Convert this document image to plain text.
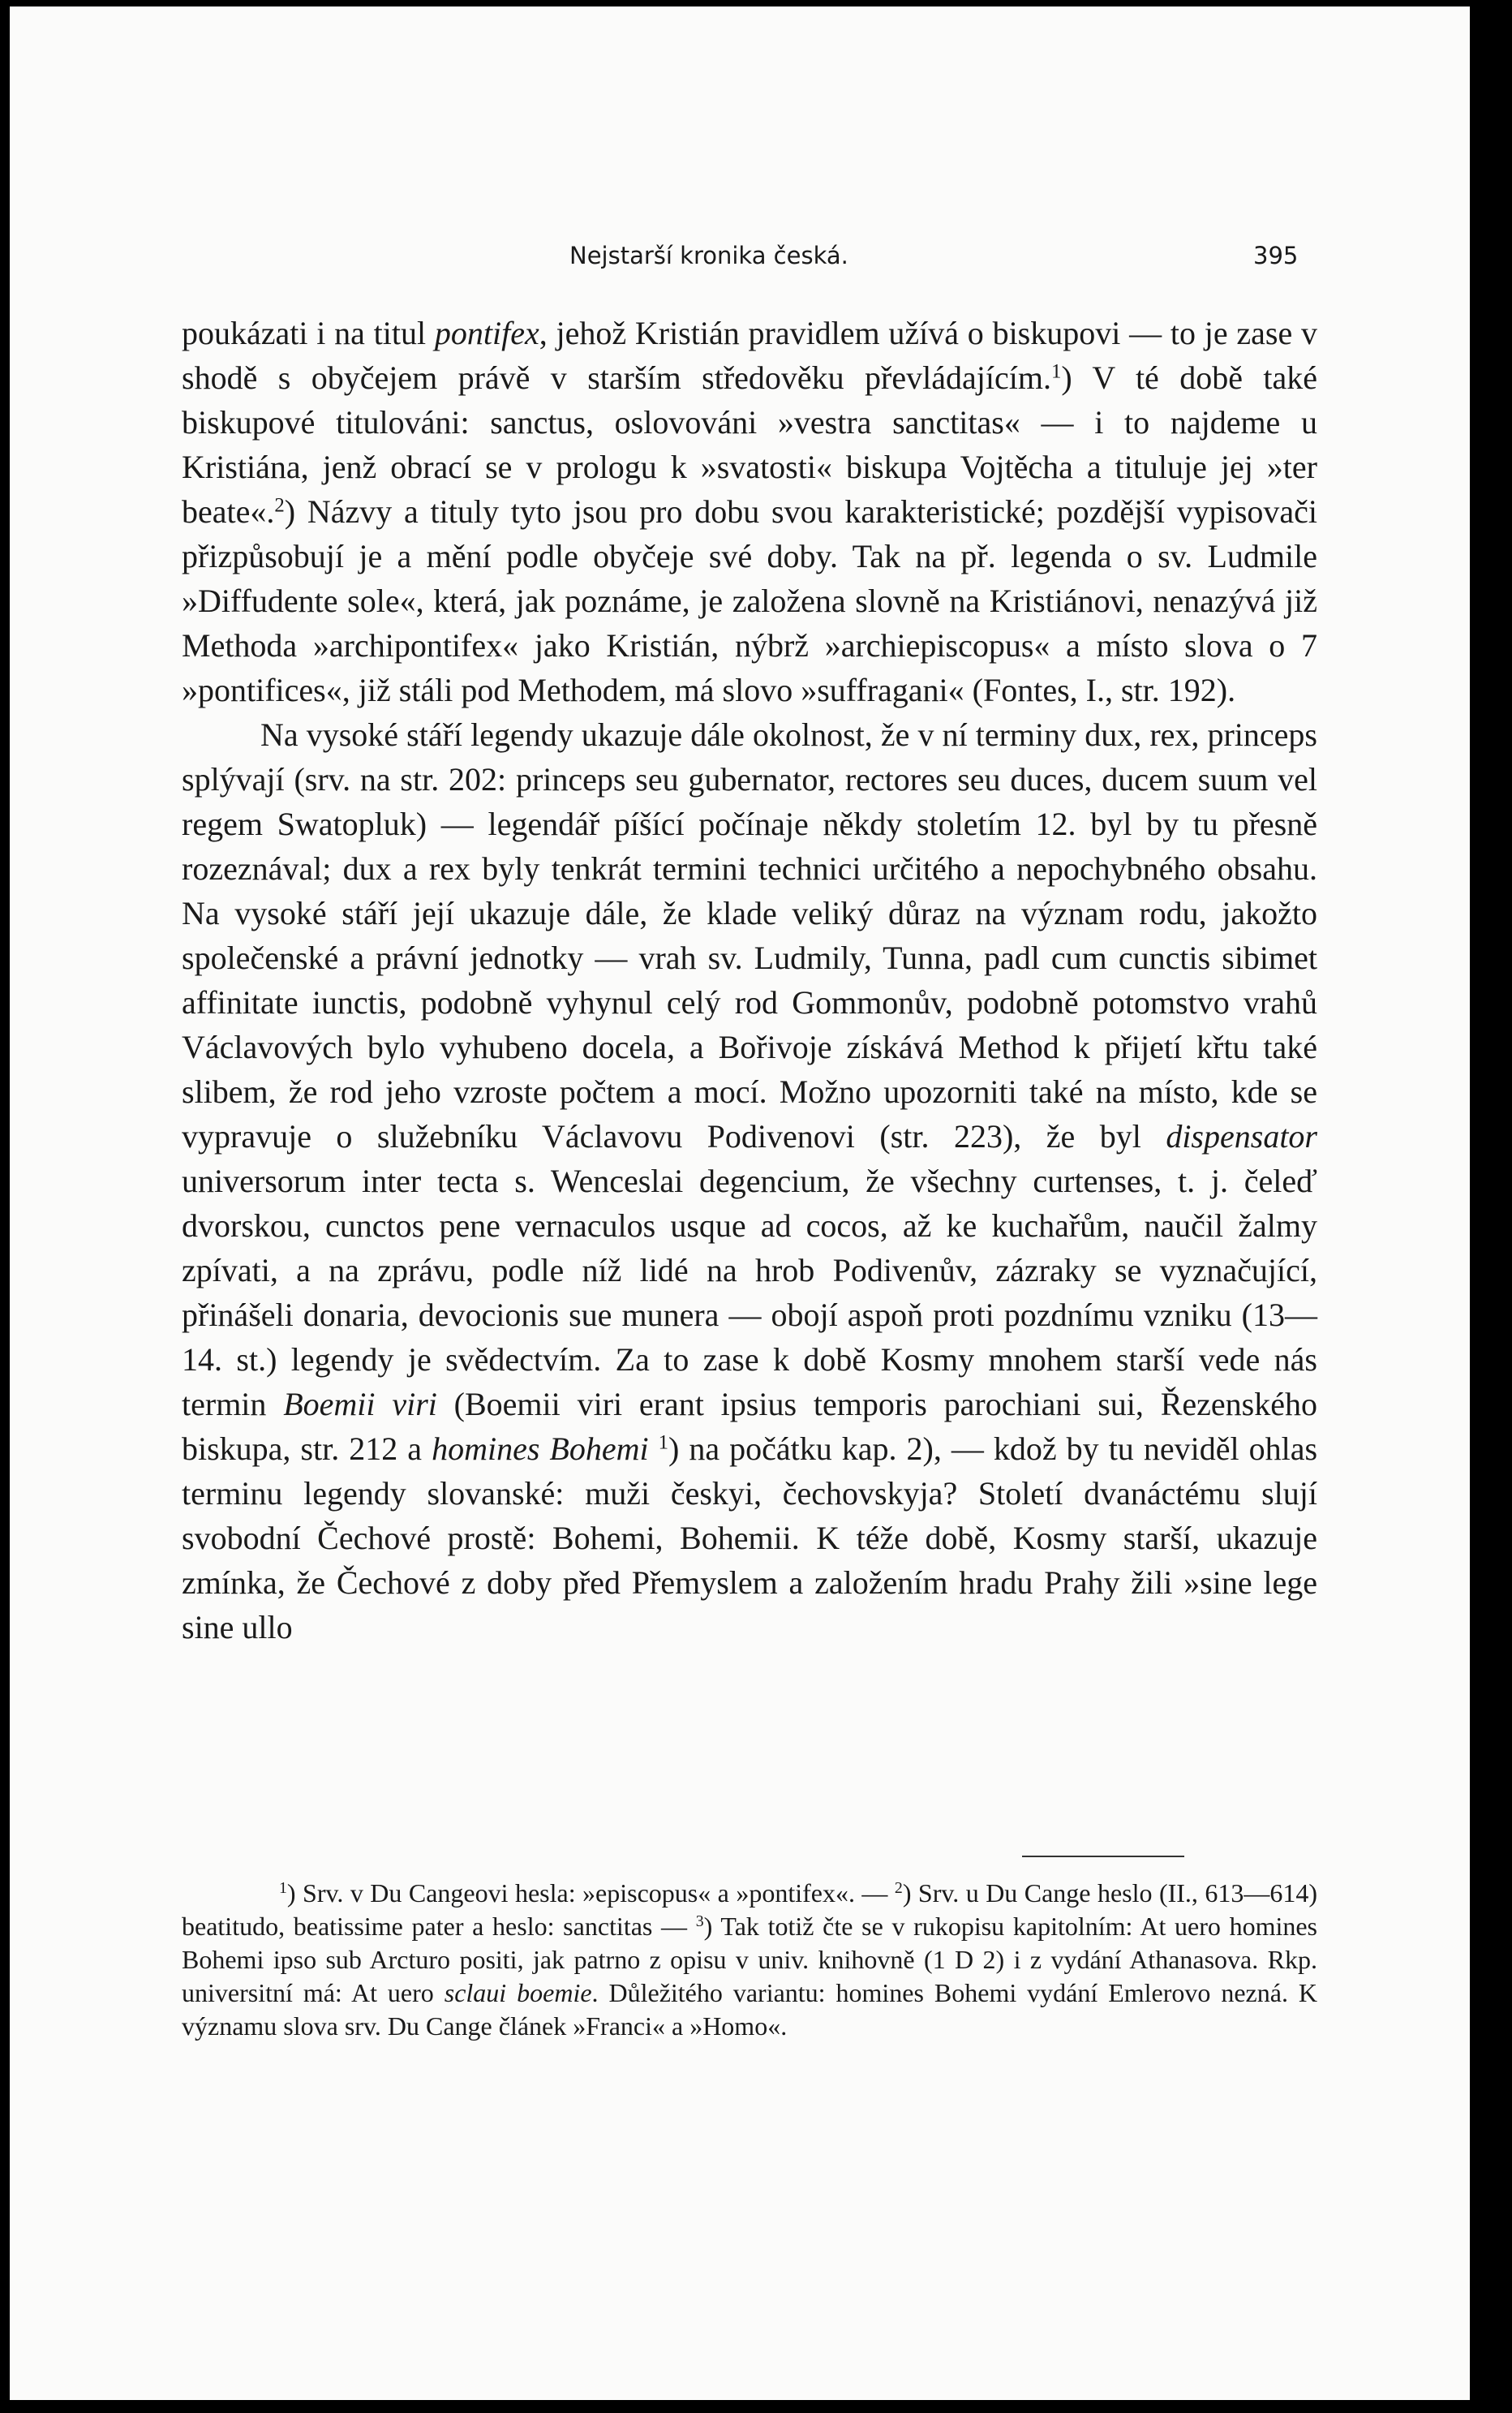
Nejstarší kronika česká.	395

poukázati i na titul pontifex, jehož Kristián pravidlem užívá o biskupovi — to je zase v shodě s obyčejem právě v starším středověku převládajícím.$^1$) V té době také biskupové titulováni: sanctus, oslovováni »vestra sanctitas« — i to najdeme u Kristiána, jenž obrací se v prologu k »svatosti« biskupa Vojtěcha a tituluje jej »ter beate«.$^2$) Názvy a tituly tyto jsou pro dobu svou karakteristické; pozdější vypisovači přizpůsobují je a mění podle obyčeje své doby. Tak na př. legenda o sv. Ludmile »Diffudente sole«, která, jak poznáme, je založena slovně na Kristiánovi, nenazývá již Methoda »archipontifex« jako Kristián, nýbrž »archiepiscopus« a místo slova o 7 »pontifices«, již stáli pod Methodem, má slovo »suffragani« (Fontes, I., str. 192).

Na vysoké stáří legendy ukazuje dále okolnost, že v ní terminy dux, rex, princeps splývají (srv. na str. 202: princeps seu gubernator, rectores seu duces, ducem suum vel regem Swatopluk) — legendář píšící počínaje někdy stoletím 12. byl by tu přesně rozeznával; dux a rex byly tenkrát termini technici určitého a nepochybného obsahu. Na vysoké stáří její ukazuje dále, že klade veliký důraz na význam rodu, jakožto společenské a právní jednotky — vrah sv. Ludmily, Tunna, padl cum cunctis sibimet affinitate iunctis, podobně vyhynul celý rod Gommonův, podobně potomstvo vrahů Václavových bylo vyhubeno docela, a Bořivoje získává Method k přijetí křtu také slibem, že rod jeho vzroste počtem a mocí. Možno upozorniti také na místo, kde se vypravuje o služebníku Václavovu Podivenovi (str. 223), že byl dispensator universorum inter tecta s. Wenceslai degencium, že všechny curtenses, t. j. čeleď dvorskou, cunctos pene vernaculos usque ad cocos, až ke kuchařům, naučil žalmy zpívati, a na zprávu, podle níž lidé na hrob Podivenův, zázraky se vyznačující, přinášeli donaria, devocionis sue munera — obojí aspoň proti pozdnímu vzniku (13—14. st.) legendy je svědectvím. Za to zase k době Kosmy mnohem starší vede nás termin Boemii viri (Boemii viri erant ipsius temporis parochiani sui, Řezenského biskupa, str. 212 a homines Bohemi $^1$) na počátku kap. 2), — kdož by tu neviděl ohlas terminu legendy slovanské: muži českyi, čechovskyja? Století dvanáctému slují svobodní Čechové prostě: Bohemi, Bohemii. K téže době, Kosmy starší, ukazuje zmínka, že Čechové z doby před Přemyslem a založením hradu Prahy žili »sine lege sine ullo

$^1$) Srv. v Du Cangeovi hesla: »episcopus« a »pontifex«. — $^2$) Srv. u Du Cange heslo (II., 613—614) beatitudo, beatissime pater a heslo: sanctitas — $^3$) Tak totiž čte se v rukopisu kapitolním: At uero homines Bohemi ipso sub Arcturo positi, jak patrno z opisu v univ. knihovně (1 D 2) i z vydání Athanasova. Rkp. universitní má: At uero sclaui boemie. Důležitého variantu: homines Bohemi vydání Emlerovo nezná. K významu slova srv. Du Cange článek »Franci« a »Homo«.
